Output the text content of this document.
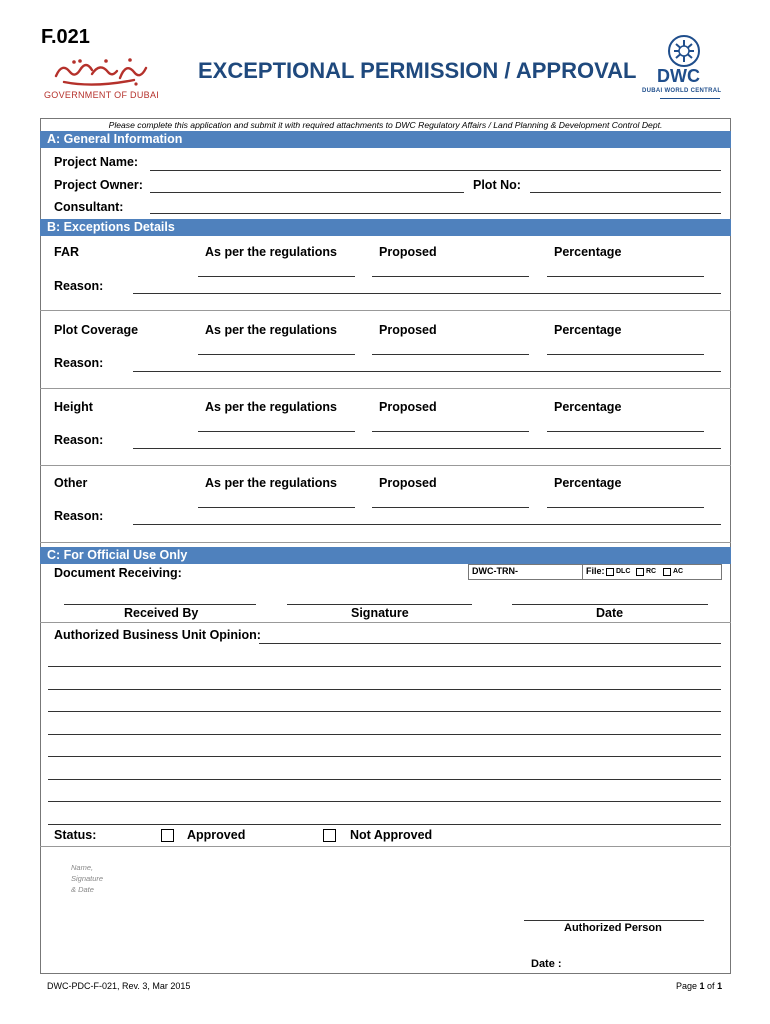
F.021
GOVERNMENT OF DUBAI
EXCEPTIONAL PERMISSION / APPROVAL DWC
DUBAI WORLD CENTRAL
Please complete this application and submit it with required attachments to DWC Regulatory Affairs / Land Planning & Development Control Dept.
A: General Information
Project Name:
Project Owner:	Plot No:
Consultant:
B: Exceptions Details
FAR	As per the regulations	Proposed	Percentage
Reason:
Plot Coverage	As per the regulations	Proposed	Percentage
Reason:
Height	As per the regulations	Proposed	Percentage
Reason:
Other	As per the regulations	Proposed	Percentage
Reason:
C: For Official Use Only
Document Receiving:	DWC-TRN-	File: DLC RC AC
Received By	Signature	Date
Authorized Business Unit Opinion:
Status:	Approved	Not Approved
Name,
Signature
& Date
Authorized Person
Date :
DWC-PDC-F-021, Rev. 3, Mar 2015	Page 1 of 1
